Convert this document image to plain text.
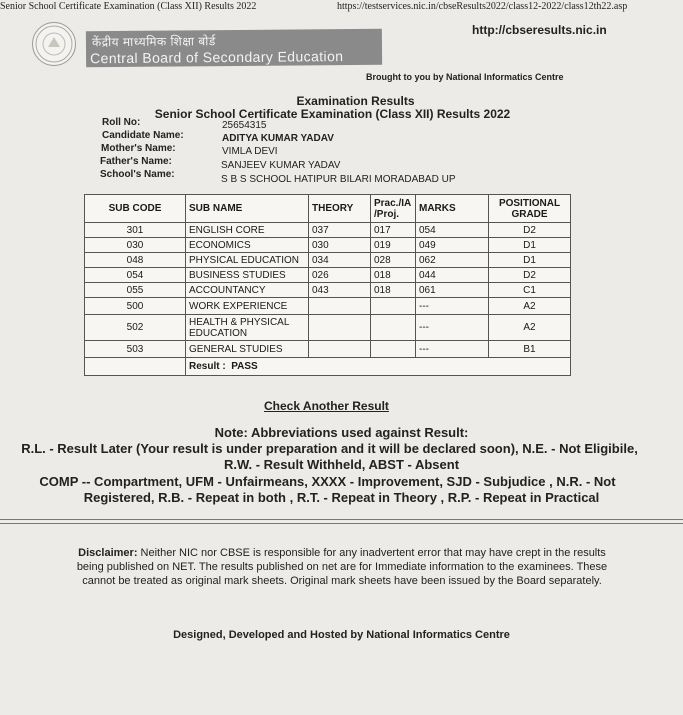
Senior School Certificate Examination (Class XII) Results 2022	https://testservices.nic.in/cbseResults2022/class12-2022/class12th22.asp
केंद्रीय माध्यमिक शिक्षा बोर्ड
Central Board of Secondary Education
http://cbseresults.nic.in
Brought to you by National Informatics Centre
Examination Results
Senior School Certificate Examination (Class XII) Results 2022
Roll No:	25654315
Candidate Name:	ADITYA KUMAR YADAV
Mother's Name:	VIMLA DEVI
Father's Name:	SANJEEV KUMAR YADAV
School's Name:	S B S SCHOOL HATIPUR BILARI MORADABAD UP
SUB CODE	SUB NAME	THEORY	Prac./IA /Proj.	MARKS	POSITIONAL GRADE
301	ENGLISH CORE	037	017	054	D2
030	ECONOMICS	030	019	049	D1
048	PHYSICAL EDUCATION	034	028	062	D1
054	BUSINESS STUDIES	026	018	044	D2
055	ACCOUNTANCY	043	018	061	C1
500	WORK EXPERIENCE			---	A2
502	HEALTH & PHYSICAL EDUCATION			---	A2
503	GENERAL STUDIES			---	B1
	Result : PASS				
Check Another Result
Note: Abbreviations used against Result:
R.L. - Result Later (Your result is under preparation and it will be declared soon), N.E. - Not Eligibile,
R.W. - Result Withheld, ABST - Absent
COMP -- Compartment, UFM - Unfairmeans, XXXX - Improvement, SJD - Subjudice , N.R. - Not
Registered, R.B. - Repeat in both , R.T. - Repeat in Theory , R.P. - Repeat in Practical
Disclaimer: Neither NIC nor CBSE is responsible for any inadvertent error that may have crept in the results being published on NET. The results published on net are for Immediate information to the examinees. These cannot be treated as original mark sheets. Original mark sheets have been issued by the Board separately.
Designed, Developed and Hosted by National Informatics Centre
